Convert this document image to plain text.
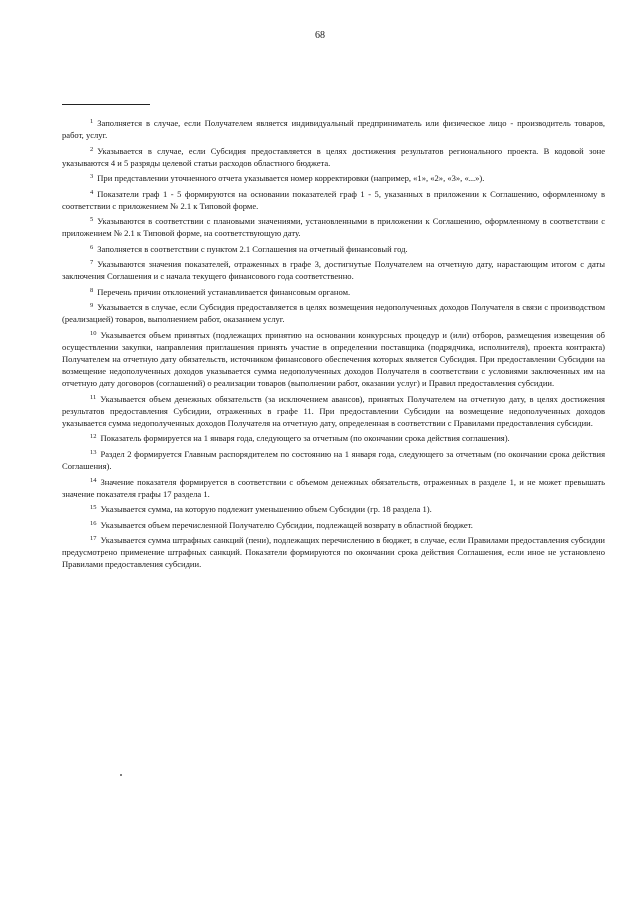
68

$^1$ Заполняется в случае, если Получателем является индивидуальный предприниматель или физическое лицо - производитель товаров, работ, услуг.

$^2$ Указывается в случае, если Субсидия предоставляется в целях достижения результатов регионального проекта. В кодовой зоне указываются 4 и 5 разряды целевой статьи расходов областного бюджета.

$^3$ При представлении уточненного отчета указывается номер корректировки (например, «1», «2», «3», «...»).

$^4$ Показатели граф 1 - 5 формируются на основании показателей граф 1 - 5, указанных в приложении к Соглашению, оформленному в соответствии с приложением № 2.1 к Типовой форме.

$^5$ Указываются в соответствии с плановыми значениями, установленными в приложении к Соглашению, оформленному в соответствии с приложением № 2.1 к Типовой форме, на соответствующую дату.

$^6$ Заполняется в соответствии с пунктом 2.1 Соглашения на отчетный финансовый год.

$^7$ Указываются значения показателей, отраженных в графе 3, достигнутые Получателем на отчетную дату, нарастающим итогом с даты заключения Соглашения и с начала текущего финансового года соответственно.

$^8$ Перечень причин отклонений устанавливается финансовым органом.

$^9$ Указывается в случае, если Субсидия предоставляется в целях возмещения недополученных доходов Получателя в связи с производством (реализацией) товаров, выполнением работ, оказанием услуг.

$^{10}$ Указывается объем принятых (подлежащих принятию на основании конкурсных процедур и (или) отборов, размещения извещения об осуществлении закупки, направления приглашения принять участие в определении поставщика (подрядчика, исполнителя), проекта контракта) Получателем на отчетную дату обязательств, источником финансового обеспечения которых является Субсидия. При предоставлении Субсидии на возмещение недополученных доходов указывается сумма недополученных доходов Получателя в соответствии с условиями заключенных им на отчетную дату договоров (соглашений) о реализации товаров (выполнении работ, оказании услуг) и Правил предоставления субсидии.

$^{11}$ Указывается объем денежных обязательств (за исключением авансов), принятых Получателем на отчетную дату, в целях достижения результатов предоставления Субсидии, отраженных в графе 11. При предоставлении Субсидии на возмещение недополученных доходов указывается сумма недополученных доходов Получателя на отчетную дату, определенная в соответствии с Правилами предоставления субсидии.

$^{12}$ Показатель формируется на 1 января года, следующего за отчетным (по окончании срока действия соглашения).

$^{13}$ Раздел 2 формируется Главным распорядителем по состоянию на 1 января года, следующего за отчетным (по окончании срока действия Соглашения).

$^{14}$ Значение показателя формируется в соответствии с объемом денежных обязательств, отраженных в разделе 1, и не может превышать значение показателя графы 17 раздела 1.

$^{15}$ Указывается сумма, на которую подлежит уменьшению объем Субсидии (гр. 18 раздела 1).

$^{16}$ Указывается объем перечисленной Получателю Субсидии, подлежащей возврату в областной бюджет.

$^{17}$ Указывается сумма штрафных санкций (пени), подлежащих перечислению в бюджет, в случае, если Правилами предоставления субсидии предусмотрено применение штрафных санкций. Показатели формируются по окончании срока действия Соглашения, если иное не установлено Правилами предоставления субсидии.
